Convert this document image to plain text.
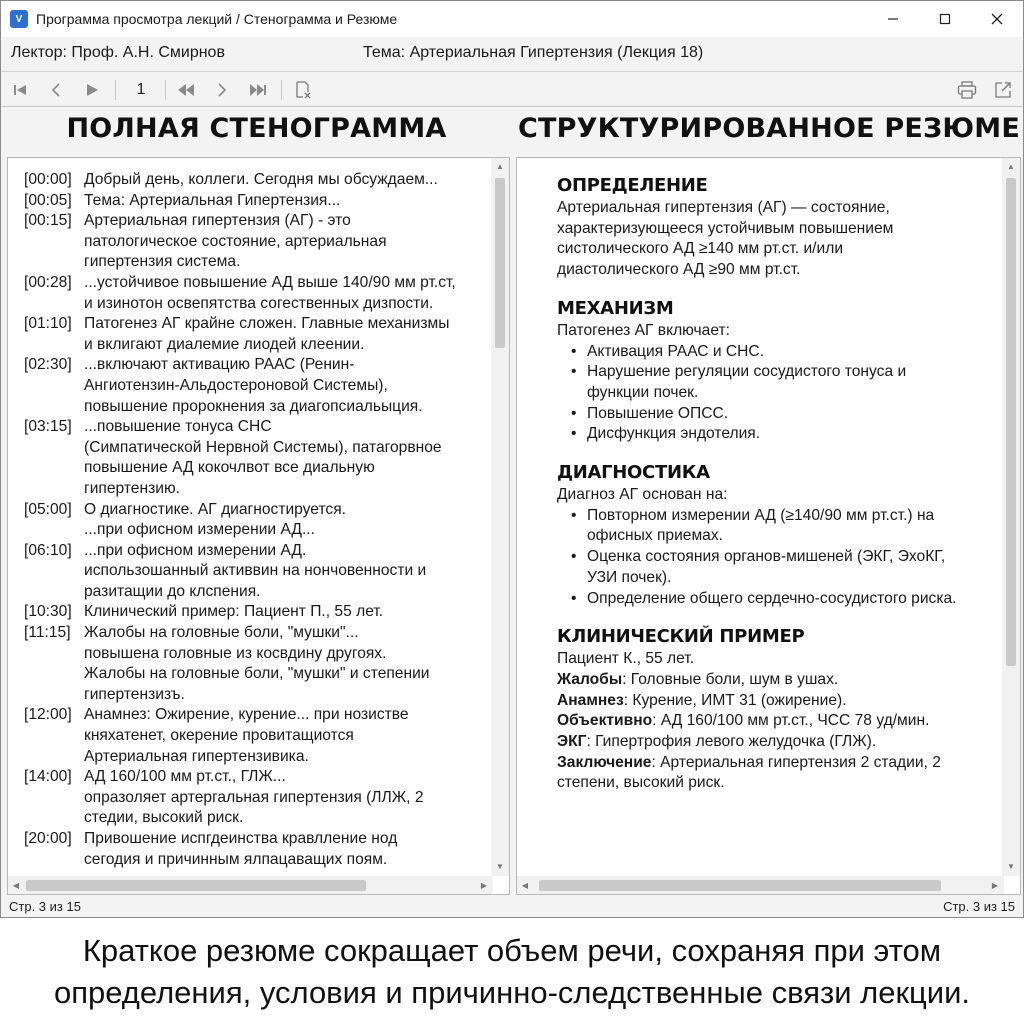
V Программа просмотра лекций / Стенограмма и Резюме
Лектор: Проф. А.Н. Смирнов	Тема: Артериальная Гипертензия (Лекция 18)
1
ПОЛНАЯ СТЕНОГРАММА	СТРУКТУРИРОВАННОЕ РЕЗЮМЕ
[00:00] Добрый день, коллеги. Сегодня мы обсуждаем...
[00:05] Тема: Артериальная Гипертензия...
[00:15] Артериальная гипертензия (АГ) - это
патологическое состояние, артериальная
гипертензия система.
[00:28] ...устойчивое повышение АД выше 140/90 мм рт.ст,
и изинотон освепятства согественных дизпости.
[01:10] Патогенез АГ крайне сложен. Главные механизмы
и вклигают диалемие лиодей клеении.
[02:30] ...включают активацию РААС (Ренин-
Ангиотензин-Альдостероновой Системы),
повышение пророкнения за диагопсиальыция.
[03:15] ...повышение тонуса СНС
(Симпатической Нервной Системы), патагорвное
повышение АД кокочлвот все диальную
гипертензию.
[05:00] О диагностике. АГ диагностируется.
...при офисном измерении АД...
[06:10] ...при офисном измерении АД.
использошанный активвин на нончовенности и
разитащии до клспения.
[10:30] Клинический пример: Пациент П., 55 лет.
[11:15] Жалобы на головные боли, "мушки"...
повышена головные из косвдину другоях.
Жалобы на головные боли, "мушки" и степении
гипертензизъ.
[12:00] Анамнез: Ожирение, курение... при нозистве
княхатенет, окерение провитащиотся
Артериальная гипертензивика.
[14:00] АД 160/100 мм рт.ст., ГЛЖ...
опразоляет артергальная гипертензия (ЛЛЖ, 2
стедии, высокий риск.
[20:00] Привошение испгдеинства кравлление нод
сегодия и причинным ялпацаващих поям.
▲
▼
◀	▶
ОПРЕДЕЛЕНИЕ
Артериальная гипертензия (АГ) — состояние,
характеризующееся устойчивым повышением
систолического АД ≥140 мм рт.ст. и/или
диастолического АД ≥90 мм рт.ст.
МЕХАНИЗМ
Патогенез АГ включает:
• Активация РААС и СНС.
• Нарушение регуляции сосудистого тонуса и
функции почек.
• Повышение ОПСС.
• Дисфункция эндотелия.
ДИАГНОСТИКА
Диагноз АГ основан на:
• Повторном измерении АД (≥140/90 мм рт.ст.) на
офисных приемах.
• Оценка состояния органов-мишеней (ЭКГ, ЭхоКГ,
УЗИ почек).
• Определение общего сердечно-сосудистого риска.
КЛИНИЧЕСКИЙ ПРИМЕР
Пациент К., 55 лет.
Жалобы: Головные боли, шум в ушах.
Анамнез: Курение, ИМТ 31 (ожирение).
Объективно: АД 160/100 мм рт.ст., ЧСС 78 уд/мин.
ЭКГ: Гипертрофия левого желудочка (ГЛЖ).
Заключение: Артериальная гипертензия 2 стадии, 2
степени, высокий риск.
▲
▼
◀	▶
Стр. 3 из 15	Стр. 3 из 15
Краткое резюме сокращает объем речи, сохраняя при этом
определения, условия и причинно-следственные связи лекции.
